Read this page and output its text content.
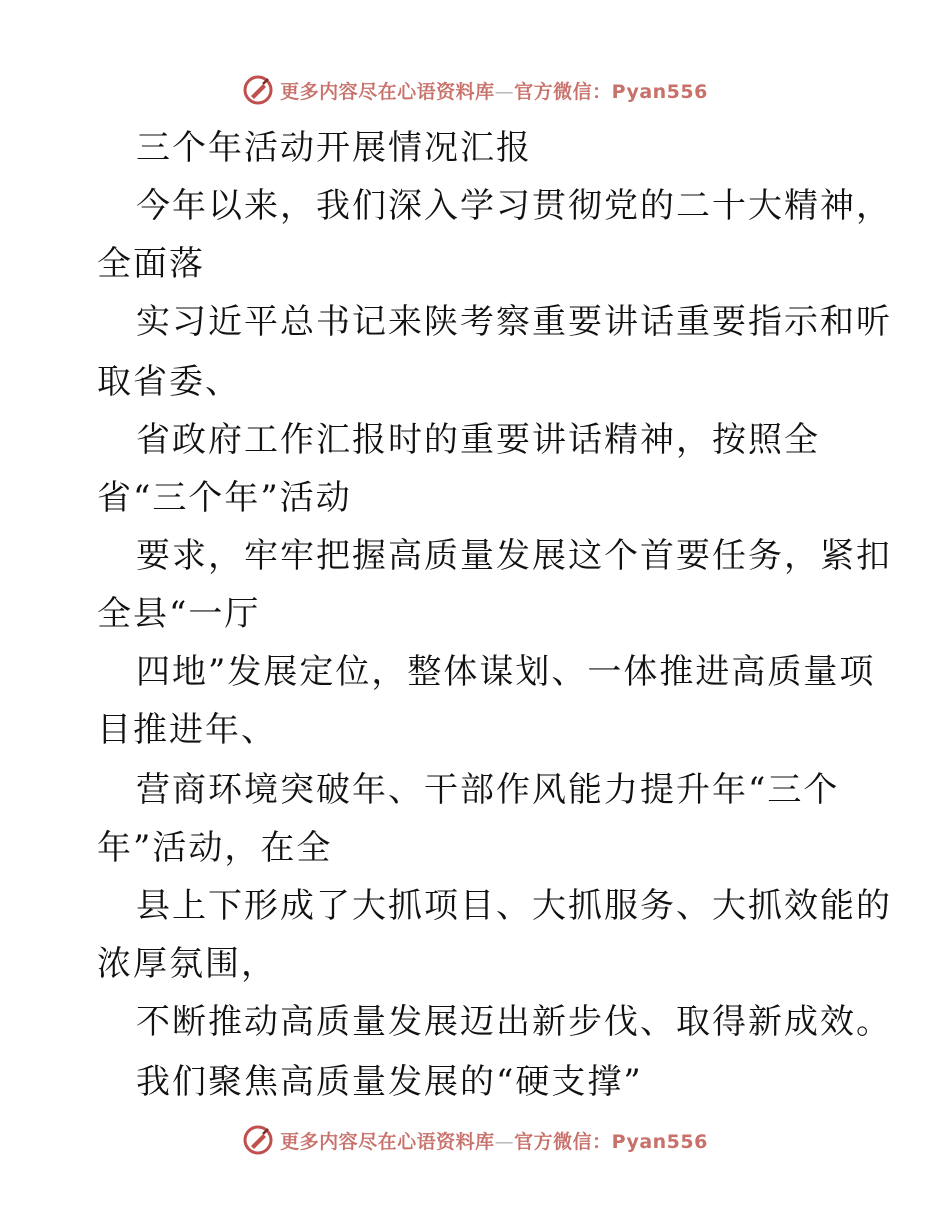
更多内容尽在心语资料库—官方微信：Pyan556
三个年活动开展情况汇报
今年以来，我们深入学习贯彻党的二十大精神，
全面落
实习近平总书记来陕考察重要讲话重要指示和听
取省委、
省政府工作汇报时的重要讲话精神，按照全
省“三个年”活动
要求，牢牢把握高质量发展这个首要任务，紧扣
全县“一厅
四地”发展定位，整体谋划、一体推进高质量项
目推进年、
营商环境突破年、干部作风能力提升年“三个
年”活动，在全
县上下形成了大抓项目、大抓服务、大抓效能的
浓厚氛围，
不断推动高质量发展迈出新步伐、取得新成效。
我们聚焦高质量发展的“硬支撑”
更多内容尽在心语资料库—官方微信：Pyan556
